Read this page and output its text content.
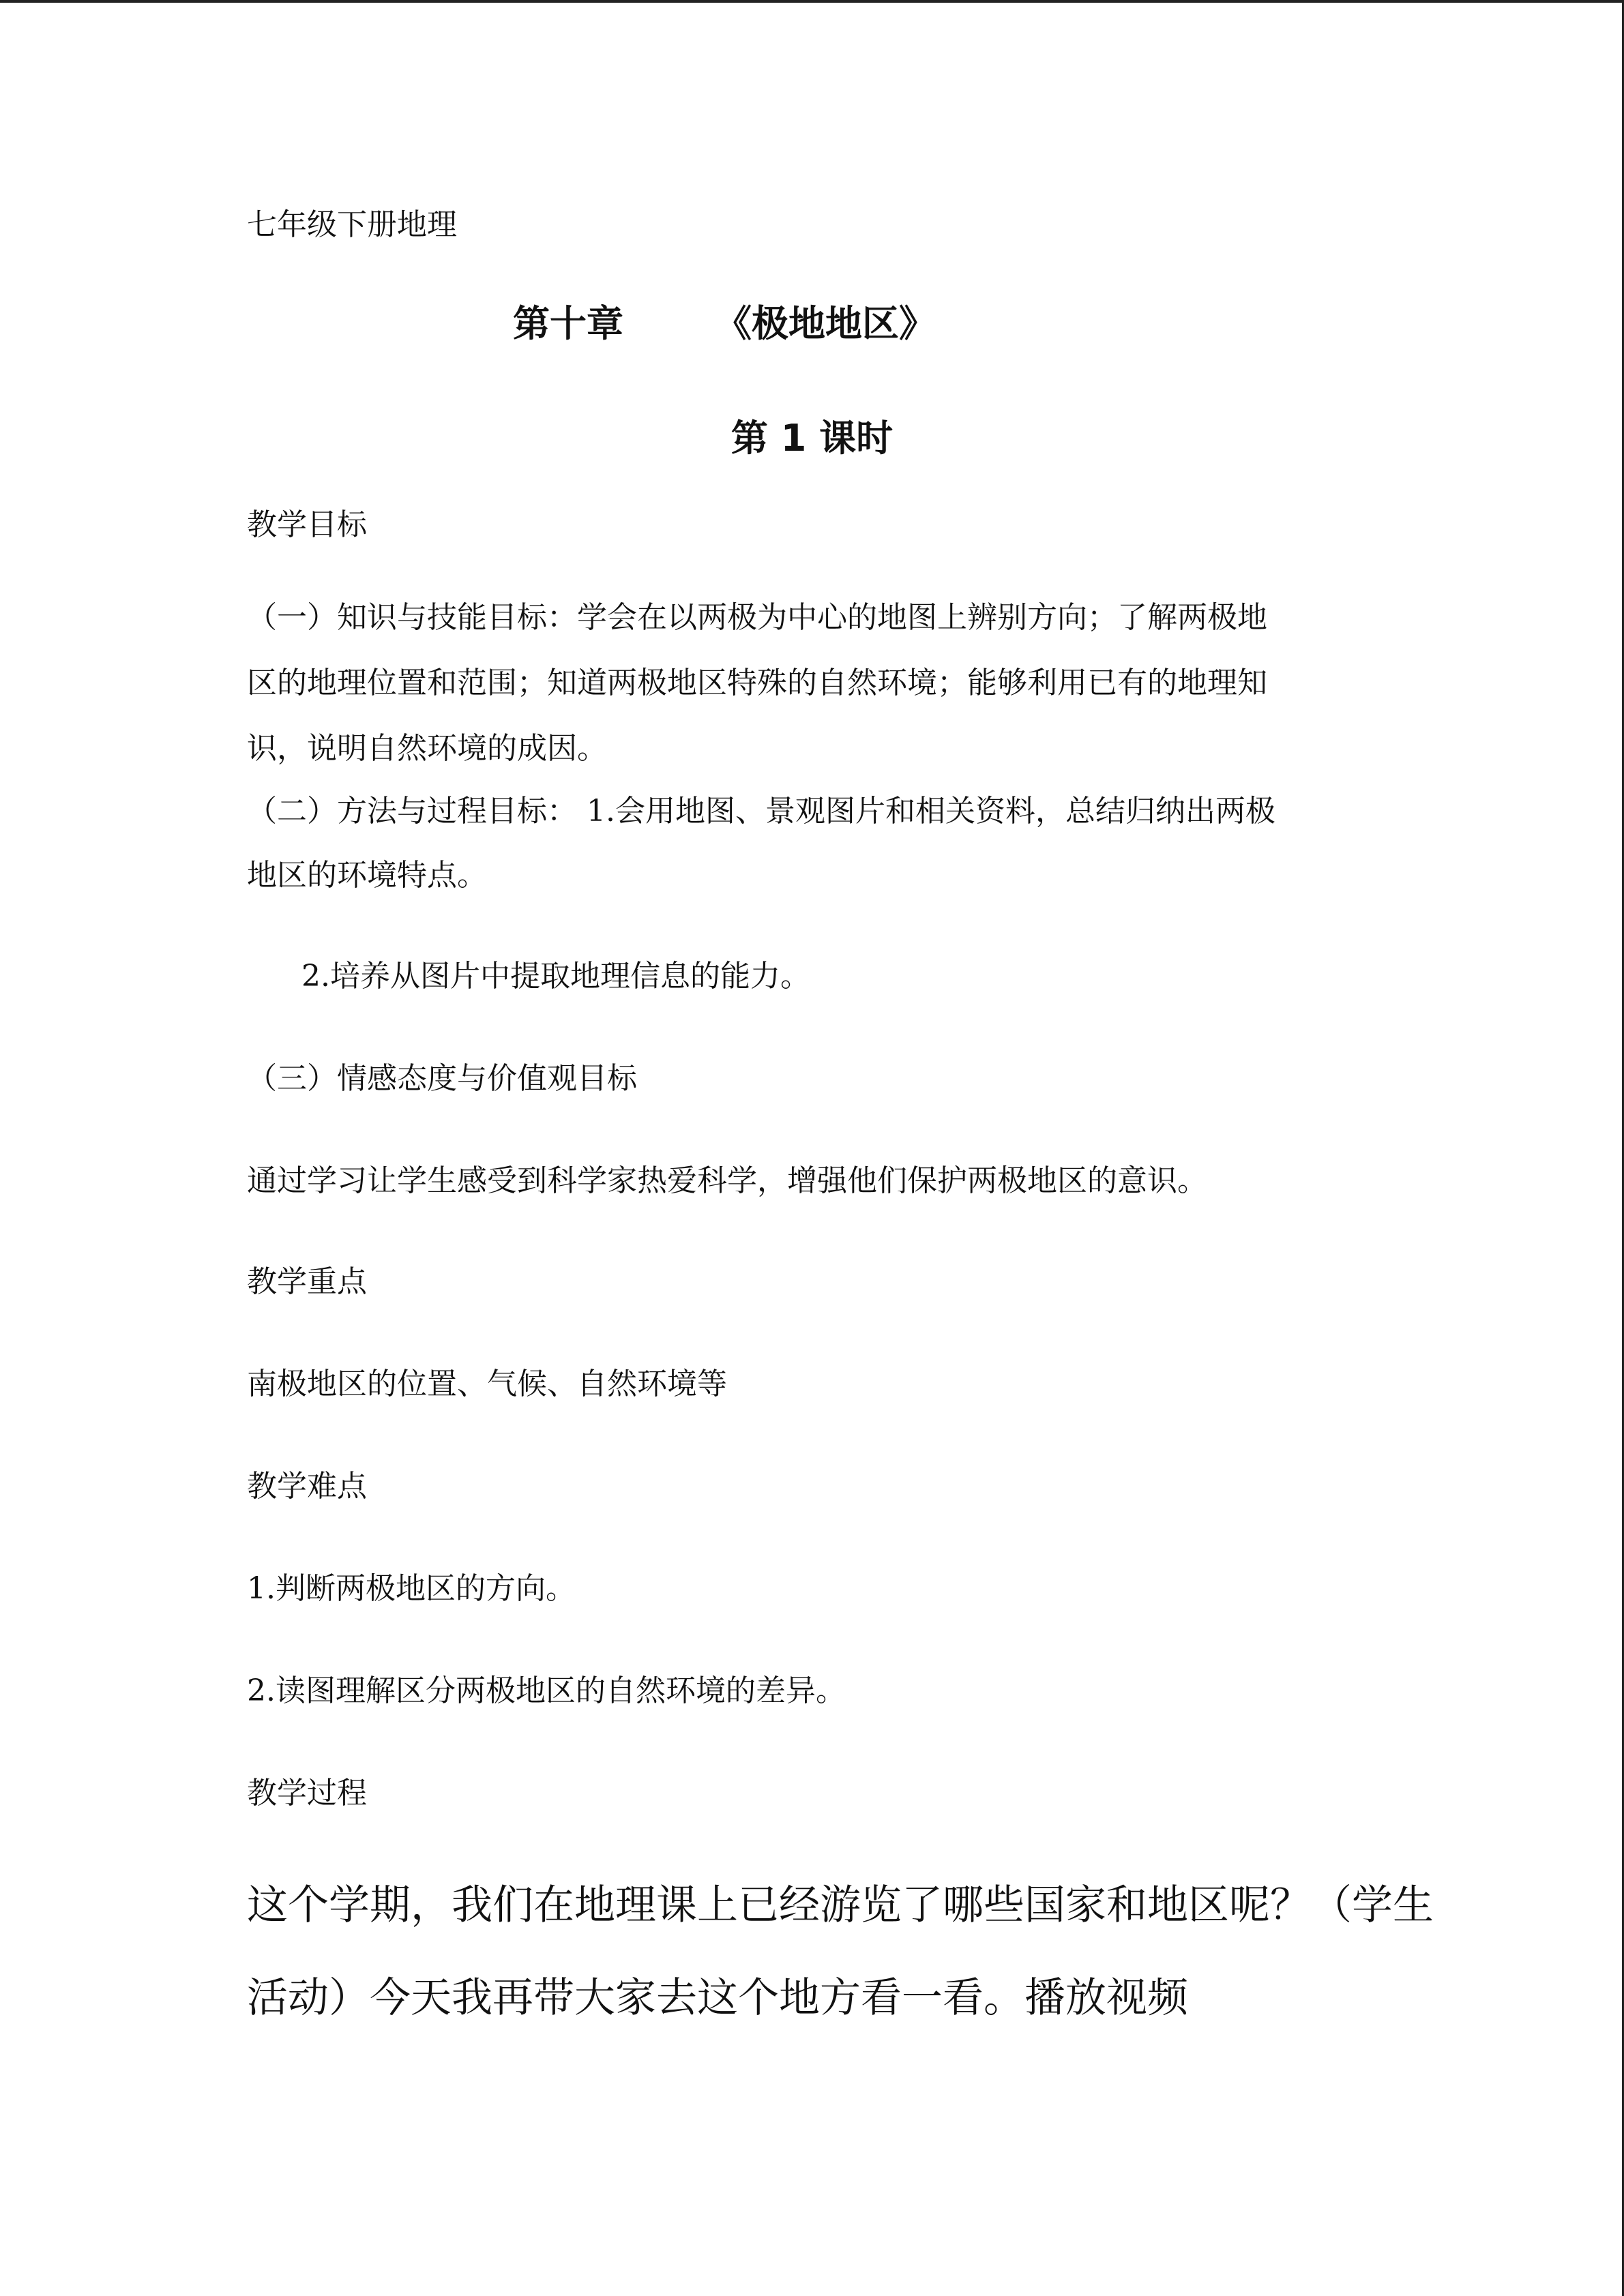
七年级下册地理
第十章 《极地地区》
第 1 课时
教学目标
（一）知识与技能目标：学会在以两极为中心的地图上辨别方向；了解两极地
区的地理位置和范围；知道两极地区特殊的自然环境；能够利用已有的地理知
识，说明自然环境的成因。
（二）方法与过程目标： 1.会用地图、景观图片和相关资料，总结归纳出两极
地区的环境特点。
2.培养从图片中提取地理信息的能力。
（三）情感态度与价值观目标
通过学习让学生感受到科学家热爱科学，增强他们保护两极地区的意识。
教学重点
南极地区的位置、气候、自然环境等
教学难点
1.判断两极地区的方向。
2.读图理解区分两极地区的自然环境的差异。
教学过程
这个学期，我们在地理课上已经游览了哪些国家和地区呢？（学生
活动）今天我再带大家去这个地方看一看。播放视频
